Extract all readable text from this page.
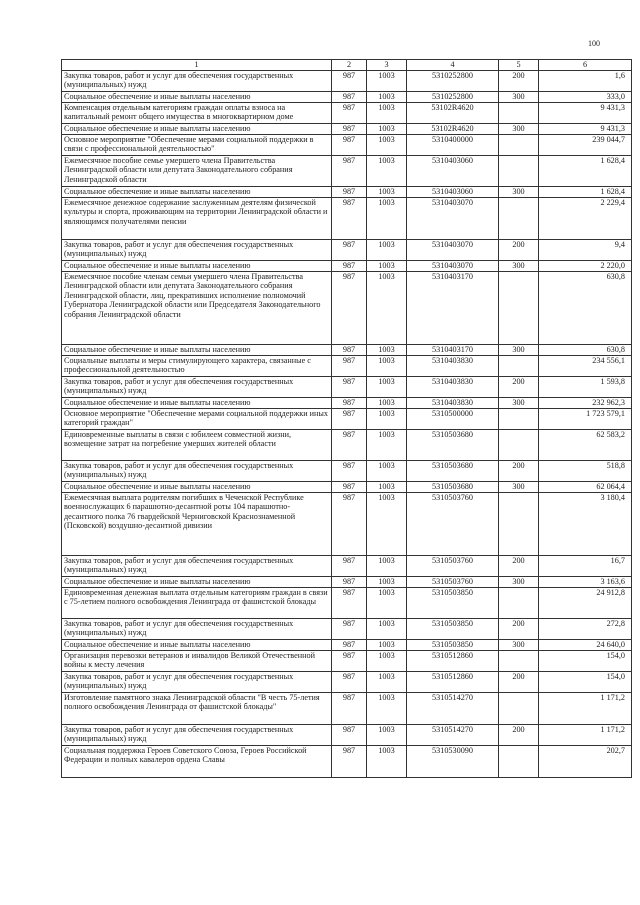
100
1	2	3	4	5	6
Закупка товаров, работ и услуг для обеспечения государственных (муниципальных) нужд	987	1003	5310252800	200	1,6
Социальное обеспечение и иные выплаты населению	987	1003	5310252800	300	333,0
Компенсация отдельным категориям граждан оплаты взноса на капитальный ремонт общего имущества в многоквартирном доме	987	1003	53102R4620		9 431,3
Социальное обеспечение и иные выплаты населению	987	1003	53102R4620	300	9 431,3
Основное мероприятие "Обеспечение мерами социальной поддержки в связи с профессиональной деятельностью"	987	1003	5310400000		239 044,7
Ежемесячное пособие семье умершего члена Правительства Ленинградской области или депутата Законодательного собрания Ленинградской области	987	1003	5310403060		1 628,4
Социальное обеспечение и иные выплаты населению	987	1003	5310403060	300	1 628,4
Ежемесячное денежное содержание заслуженным деятелям физической культуры и спорта, проживающим на территории Ленинградской области и являющимся получателями пенсии	987	1003	5310403070		2 229,4
Закупка товаров, работ и услуг для обеспечения государственных (муниципальных) нужд	987	1003	5310403070	200	9,4
Социальное обеспечение и иные выплаты населению	987	1003	5310403070	300	2 220,0
Ежемесячное пособие членам семьи умершего члена Правительства Ленинградской области или депутата Законодательного собрания Ленинградской области, лиц, прекративших исполнение полномочий Губернатора Ленинградской области или Председателя Законодательного собрания Ленинградской области	987	1003	5310403170		630,8
Социальное обеспечение и иные выплаты населению	987	1003	5310403170	300	630,8
Социальные выплаты и меры стимулирующего характера, связанные с профессиональной деятельностью	987	1003	5310403830		234 556,1
Закупка товаров, работ и услуг для обеспечения государственных (муниципальных) нужд	987	1003	5310403830	200	1 593,8
Социальное обеспечение и иные выплаты населению	987	1003	5310403830	300	232 962,3
Основное мероприятие "Обеспечение мерами социальной поддержки иных категорий граждан"	987	1003	5310500000		1 723 579,1
Единовременные выплаты в связи с юбилеем совместной жизни, возмещение затрат на погребение умерших жителей области	987	1003	5310503680		62 583,2
Закупка товаров, работ и услуг для обеспечения государственных (муниципальных) нужд	987	1003	5310503680	200	518,8
Социальное обеспечение и иные выплаты населению	987	1003	5310503680	300	62 064,4
Ежемесячная выплата родителям погибших в Чеченской Республике военнослужащих 6 парашютно-десантной роты 104 парашютно-десантного полка 76 гвардейской Черниговской Краснознаменной (Псковской) воздушно-десантной дивизии	987	1003	5310503760		3 180,4
Закупка товаров, работ и услуг для обеспечения государственных (муниципальных) нужд	987	1003	5310503760	200	16,7
Социальное обеспечение и иные выплаты населению	987	1003	5310503760	300	3 163,6
Единовременная денежная выплата отдельным категориям граждан в связи с 75-летием полного освобождения Ленинграда от фашистской блокады	987	1003	5310503850		24 912,8
Закупка товаров, работ и услуг для обеспечения государственных (муниципальных) нужд	987	1003	5310503850	200	272,8
Социальное обеспечение и иные выплаты населению	987	1003	5310503850	300	24 640,0
Организация перевозки ветеранов и инвалидов Великой Отечественной войны к месту лечения	987	1003	5310512860		154,0
Закупка товаров, работ и услуг для обеспечения государственных (муниципальных) нужд	987	1003	5310512860	200	154,0
Изготовление памятного знака Ленинградской области "В честь 75-летия полного освобождения Ленинграда от фашистской блокады"	987	1003	5310514270		1 171,2
Закупка товаров, работ и услуг для обеспечения государственных (муниципальных) нужд	987	1003	5310514270	200	1 171,2
Социальная поддержка Героев Советского Союза, Героев Российской Федерации и полных кавалеров ордена Славы	987	1003	5310530090		202,7
